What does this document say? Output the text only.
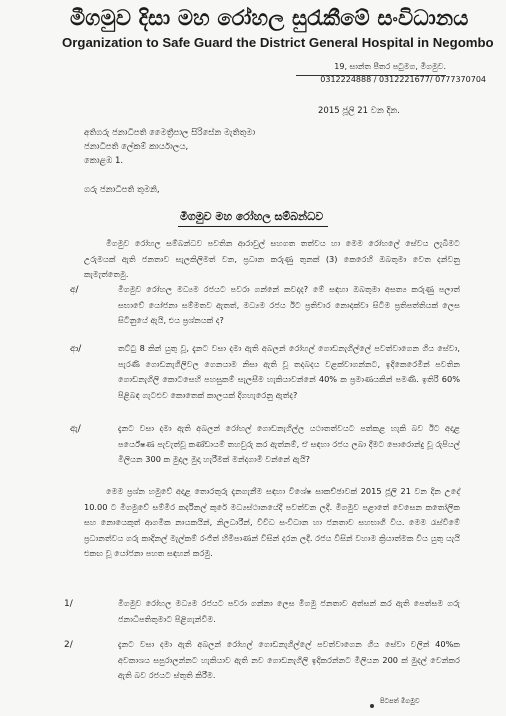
මීගමුව දිසා මහ රෝහල සුරැකීමේ සංවිධානය
Organization to Safe Guard the District General Hospital in Negombo
19, සාන්ත පීතර පටුමග, මීගමුව.
0312224888 / 0312221677/ 0777370704
2015 ජූලි 21 වන දින.
අතිගරු ජනාධිපති මෛත්‍රීපාල සිරිසේන මැතිතුමා
ජනාධිපති ලේකම් කාර්යාලය,
කොළඹ 1.
ගරු ජනාධිපති තුමනි,
මීගමුව මහ රෝහල සම්බන්ධව
මීගමුව රෝහල සම්බන්ධව පවතින ආරාවුල් සහගත තත්වය හා මෙම රෝහලේ සේවය ලැබීමට උරුමයක් ඇති ජනතාව සැලකිලිමත් වන, ප්‍රධාන කරුණු තුනක් (3) කෙරෙහි ඔබතුමා වෙත දන්වනු කැමැත්තෙමු.
අ/	මීගමුව රෝහල මධ්‍යම රජයට පවරා ගන්නේ කවදාද? මේ සඳහා ඔබතුමා අසත්‍ය කරුණු පලාත් සභාවේ යෝජනා සම්මතව ඇතත්, මධ්‍යම රජය ඊට ප්‍රතිචාර නොදක්වා සිටීම ප්‍රතිපත්තියක් ලෙස සිටිනුයේ ඇයි, එය ප්‍රශ්නයක් ද?
ආ/	තට්ටු 8 කින් යුතු වූ, දැනට වසා දමා ඇති අබලන් රෝහල් ගොඩනැගිල්ලේ පවත්වාගෙන ගිය සේවා, පැරණි ගොඩනැගිලිවල ගෙනයාම නිසා ඇති වූ තදබදය වළක්වාගන්නට, ඉදිකෙරෙමින් පවතින ගොඩනැගිලි කොටසෙහි පහසුකම් සැලසීම හැකියාවන්නේ 40% ක ප්‍රමාණයකින් පමණි. ඉතිරි 60% පිළිබඳ ගැටළුව කොතෙක් කාලයක් දිගහැරෙනු ඇත්ද?
ඇ/	දැනට වසා දමා ඇති අබලන් රෝහල් ගොඩනැගිල්ල යථාතත්වයට පත්කළ හැකි බව ඊට අදාළ පර්යේෂණ පැවැත්වූ කණ්ඩායම් තහවුරු කර ඇත්නම්, ඒ සඳහා රජය ලබා දීමට පොරොන්දු වූ රුපියල් මිලියන 300 ක මුදල මුදා හැරීමක් මන්දගාමී වන්නේ ඇයි?
මෙම ප්‍රශ්න හමුවේ අදාළ තොරතුරු දැනගැනීම සඳහා විශේෂ සාකච්ඡාවක් 2015 ජූලි 21 වන දින උදේ 10.00 ට මීගමුවේ සම්මිර කර්දිනල් කුරේ මධ්‍යස්ථානයේදී පවත්වන ලදී. මීගමුව පළාතේ වෙසෙන කතෝලික සහ නොයෙකුත් ආගමික නායකයින්, නිලධාරීන්, විවිධ සංවිධාන හා ජනතාව සහභාගී විය. මෙම රැස්වීමේ ප්‍රධානත්වය ගරු කාදිනල් මැල්කම් රංජිත් හිමිපාණන් විසින් දරන ලදී. රජය විසින් වහාම ක්‍රියාත්මක විය යුතු යැයි එකඟ වූ යෝජනා පහත සඳහන් කරමු.
1/	මීගමුව රෝහල මධ්‍යම රජයට පවරා ගන්නා ලෙස මීගමු ජනතාව අත්සන් කර ඇති පෙත්සම ගරු ජනාධිපතිතුමාට පිළිගැන්වීම.
2/	දැනට වසා දමා ඇති අබලන් රෝහල් ගොඩනැගිල්ලේ පවත්වාගෙන ගිය සේවා වලින් 40%ක අවකාශය සපුරාලන්නට හැකියාව ඇති නව ගොඩනැගිලි ඉදිකරන්නට මිලියන 200 ක් මුදල් වෙන්කර ඇති බව රජයට ස්තුති කිරීම.
පිටපත් මීගමුව
